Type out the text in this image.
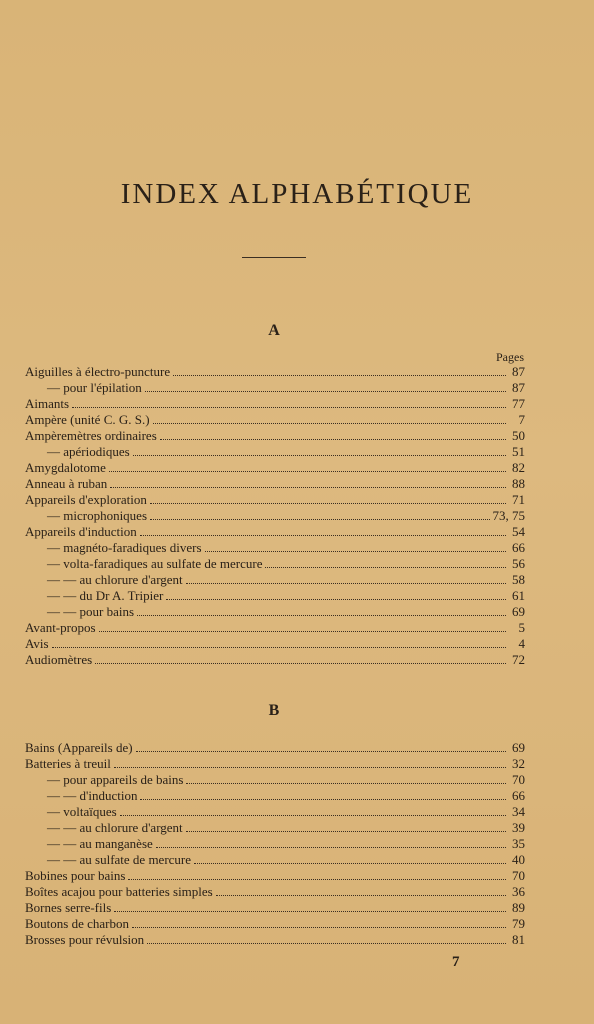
INDEX ALPHABÉTIQUE
A
Pages
Aiguilles à électro-puncture	87
— pour l'épilation	87
Aimants	77
Ampère (unité C. G. S.)	7
Ampèremètres ordinaires	50
— apériodiques	51
Amygdalotome	82
Anneau à ruban	88
Appareils d'exploration	71
— microphoniques	73, 75
Appareils d'induction	54
— magnéto-faradiques divers	66
— volta-faradiques au sulfate de mercure	56
— — au chlorure d'argent	58
— — du Dr A. Tripier	61
— — pour bains	69
Avant-propos	5
Avis	4
Audiomètres	72
B
Bains (Appareils de)	69
Batteries à treuil	32
— pour appareils de bains	70
— — d'induction	66
— voltaïques	34
— — au chlorure d'argent	39
— — au manganèse	35
— — au sulfate de mercure	40
Bobines pour bains	70
Boîtes acajou pour batteries simples	36
Bornes serre-fils	89
Boutons de charbon	79
Brosses pour révulsion	81
7
